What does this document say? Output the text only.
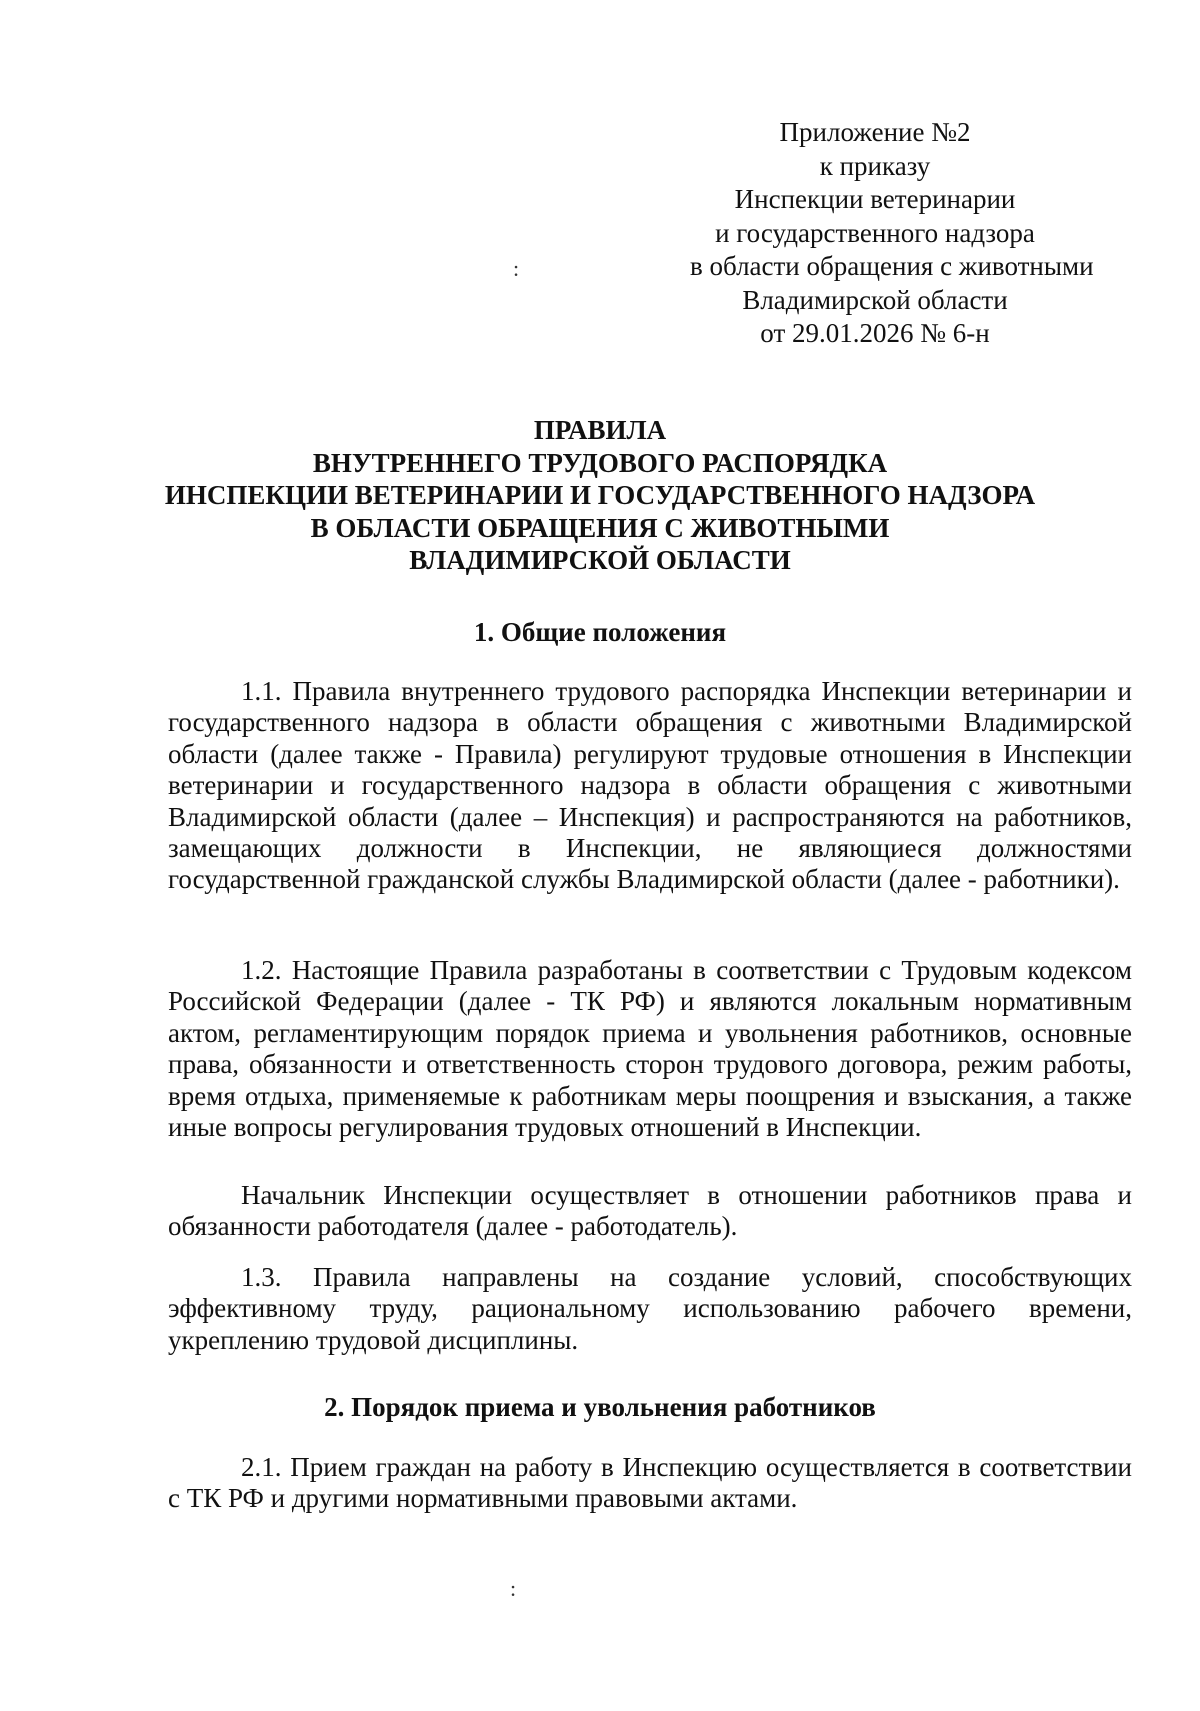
Приложение №2
к приказу
Инспекции ветеринарии
и государственного надзора
в области обращения с животными
Владимирской области
от 29.01.2026 № 6-н
:
ПРАВИЛА
ВНУТРЕННЕГО ТРУДОВОГО РАСПОРЯДКА
ИНСПЕКЦИИ ВЕТЕРИНАРИИ И ГОСУДАРСТВЕННОГО НАДЗОРА
В ОБЛАСТИ ОБРАЩЕНИЯ С ЖИВОТНЫМИ
ВЛАДИМИРСКОЙ ОБЛАСТИ
1. Общие положения
1.1. Правила внутреннего трудового распорядка Инспекции ветеринарии и государственного надзора в области обращения с животными Владимирской области (далее также - Правила) регулируют трудовые отношения в Инспекции ветеринарии и государственного надзора в области обращения с животными Владимирской области (далее – Инспекция) и распространяются на работников, замещающих должности в Инспекции, не являющиеся должностями государственной гражданской службы Владимирской области (далее - работники).
1.2. Настоящие Правила разработаны в соответствии с Трудовым кодексом Российской Федерации (далее - ТК РФ) и являются локальным нормативным актом, регламентирующим порядок приема и увольнения работников, основные права, обязанности и ответственность сторон трудового договора, режим работы, время отдыха, применяемые к работникам меры поощрения и взыскания, а также иные вопросы регулирования трудовых отношений в Инспекции.
Начальник Инспекции осуществляет в отношении работников права и обязанности работодателя (далее - работодатель).
1.3. Правила направлены на создание условий, способствующих эффективному труду, рациональному использованию рабочего времени, укреплению трудовой дисциплины.
2. Порядок приема и увольнения работников
2.1. Прием граждан на работу в Инспекцию осуществляется в соответствии с ТК РФ и другими нормативными правовыми актами.
:
